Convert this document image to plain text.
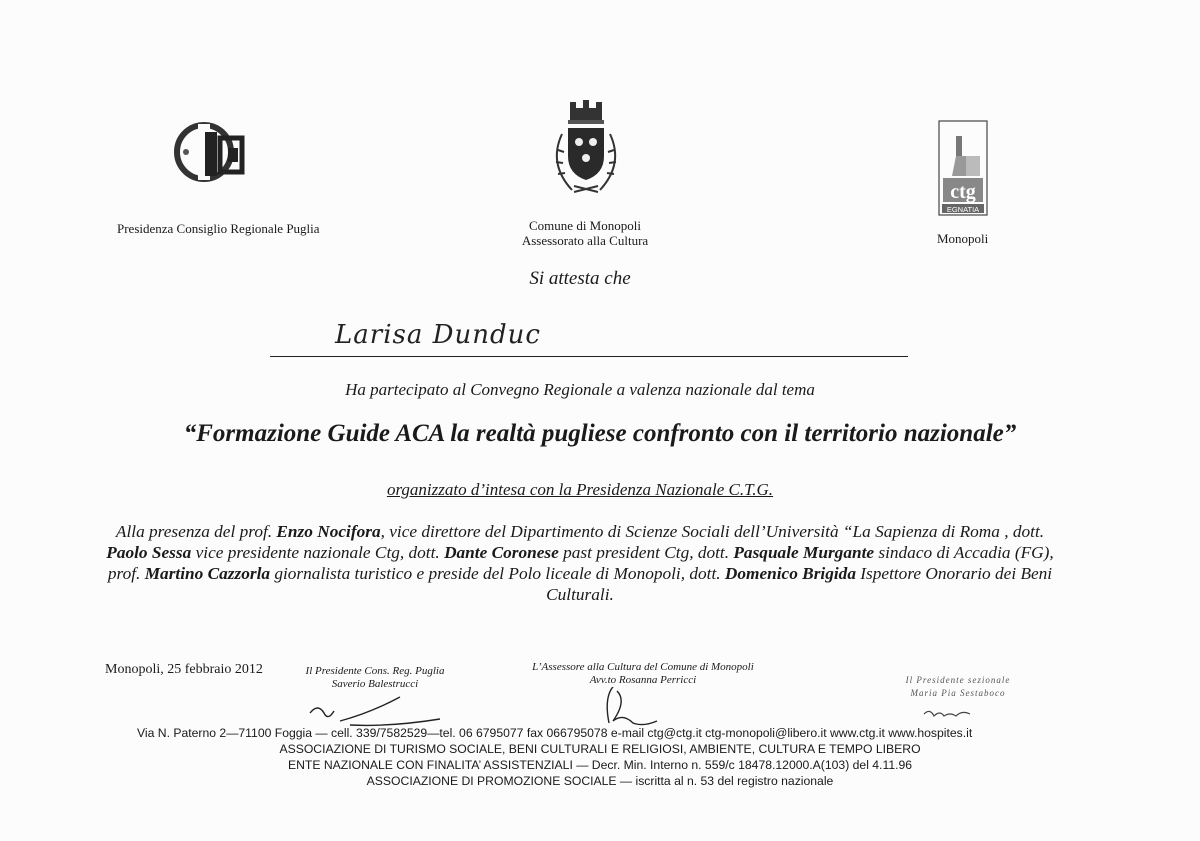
ctg
EGNATIA
Presidenza Consiglio Regionale Puglia	Comune di Monopoli
Assessorato alla Cultura	Monopoli
Si attesta che
Larisa Dunduc
Ha partecipato al Convegno Regionale a valenza nazionale dal tema
“Formazione Guide ACA la realtà pugliese confronto con il territorio nazionale”
organizzato d’intesa con la Presidenza Nazionale C.T.G.
Alla presenza del prof. Enzo Nocifora, vice direttore del Dipartimento di Scienze Sociali dell’Università “La Sapienza di Roma , dott. Paolo Sessa vice presidente nazionale Ctg, dott. Dante Coronese past president Ctg, dott. Pasquale Murgante sindaco di Accadia (FG), prof. Martino Cazzorla giornalista turistico e preside del Polo liceale di Monopoli, dott. Domenico Brigida Ispettore Onorario dei Beni Culturali.
Monopoli, 25 febbraio 2012	Il Presidente Cons. Reg. Puglia
Saverio Balestrucci
L’Assessore alla Cultura del Comune di Monopoli
Avv.to Rosanna Perricci	Il Presidente sezionale
Maria Pia Sestaboco
Via N. Paterno 2—71100 Foggia — cell. 339/7582529—tel. 06 6795077 fax 066795078 e-mail ctg@ctg.it ctg-monopoli@libero.it www.ctg.it www.hospites.it
ASSOCIAZIONE DI TURISMO SOCIALE, BENI CULTURALI E RELIGIOSI, AMBIENTE, CULTURA E TEMPO LIBERO
ENTE NAZIONALE CON FINALITA’ ASSISTENZIALI — Decr. Min. Interno n. 559/c 18478.12000.A(103) del 4.11.96
ASSOCIAZIONE DI PROMOZIONE SOCIALE — iscritta al n. 53 del registro nazionale
